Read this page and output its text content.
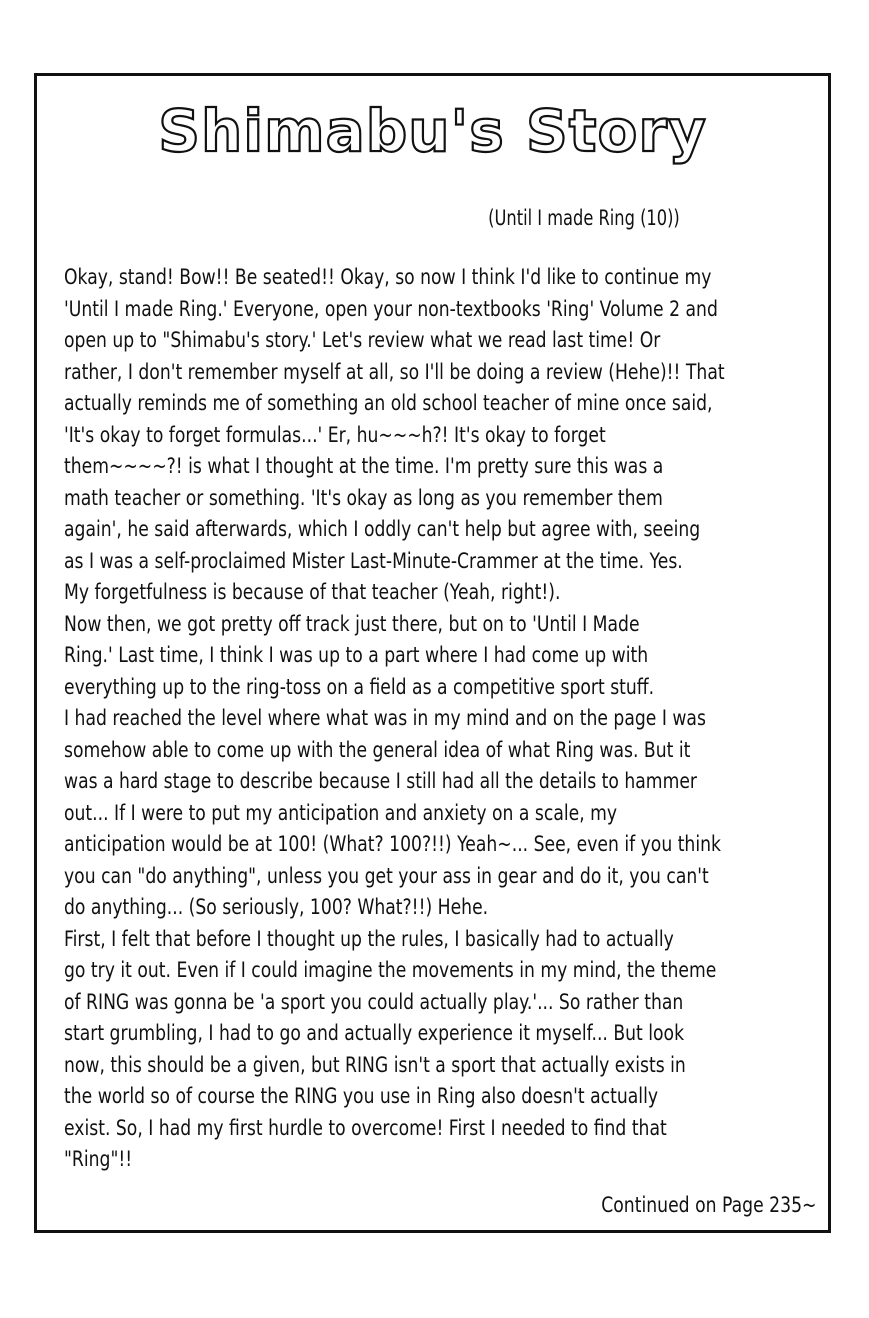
Shimabu's Story
(Until I made Ring (10))
Okay, stand! Bow!! Be seated!! Okay, so now I think I'd like to continue my
'Until I made Ring.' Everyone, open your non-textbooks 'Ring' Volume 2 and
open up to "Shimabu's story.' Let's review what we read last time! Or
rather, I don't remember myself at all, so I'll be doing a review (Hehe)!! That
actually reminds me of something an old school teacher of mine once said,
'It's okay to forget formulas...' Er, hu~~~h?! It's okay to forget
them~~~~?! is what I thought at the time. I'm pretty sure this was a
math teacher or something. 'It's okay as long as you remember them
again', he said afterwards, which I oddly can't help but agree with, seeing
as I was a self-proclaimed Mister Last-Minute-Crammer at the time. Yes.
My forgetfulness is because of that teacher (Yeah, right!).
Now then, we got pretty off track just there, but on to 'Until I Made
Ring.' Last time, I think I was up to a part where I had come up with
everything up to the ring-toss on a field as a competitive sport stuff.
I had reached the level where what was in my mind and on the page I was
somehow able to come up with the general idea of what Ring was. But it
was a hard stage to describe because I still had all the details to hammer
out... If I were to put my anticipation and anxiety on a scale, my
anticipation would be at 100! (What? 100?!!) Yeah~... See, even if you think
you can "do anything", unless you get your ass in gear and do it, you can't
do anything... (So seriously, 100? What?!!) Hehe.
First, I felt that before I thought up the rules, I basically had to actually
go try it out. Even if I could imagine the movements in my mind, the theme
of RING was gonna be 'a sport you could actually play.'... So rather than
start grumbling, I had to go and actually experience it myself... But look
now, this should be a given, but RING isn't a sport that actually exists in
the world so of course the RING you use in Ring also doesn't actually
exist. So, I had my first hurdle to overcome! First I needed to find that
"Ring"!!
Continued on Page 235~
